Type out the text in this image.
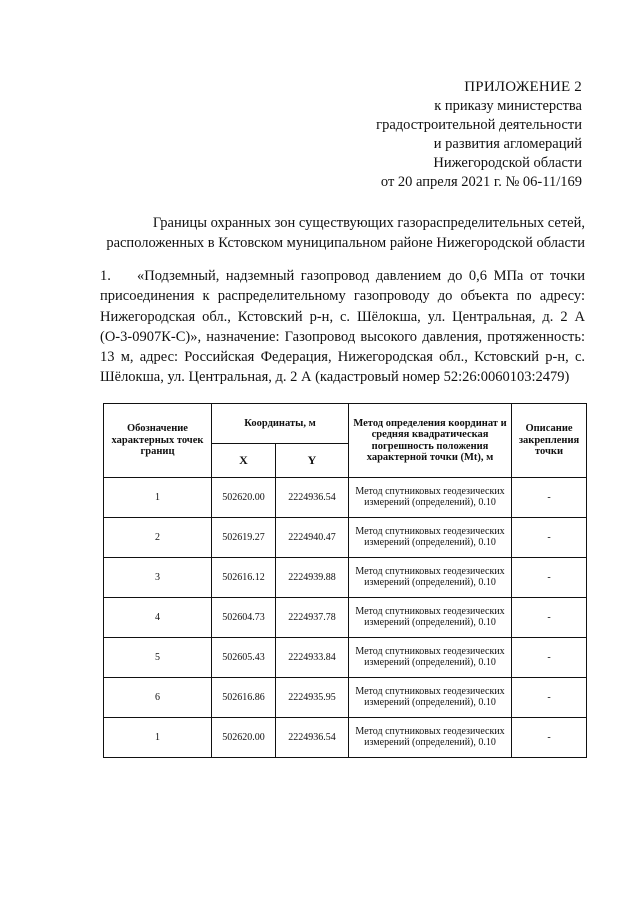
ПРИЛОЖЕНИЕ 2
к приказу министерства
градостроительной деятельности
и развития агломераций
Нижегородской области
от 20 апреля 2021 г. № 06-11/169
Границы охранных зон существующих газораспределительных сетей,
расположенных в Кстовском муниципальном районе Нижегородской области
1. «Подземный, надземный газопровод давлением до 0,6 МПа от точки присоединения к распределительному газопроводу до объекта по адресу: Нижегородская обл., Кстовский р-н, с. Шёлокша, ул. Центральная, д. 2 А (О-3-0907К-С)», назначение: Газопровод высокого давления, протяженность: 13 м, адрес: Российская Федерация, Нижегородская обл., Кстовский р-н, с. Шёлокша, ул. Центральная, д. 2 А (кадастровый номер 52:26:0060103:2479)
Обозначение характерных точек границ	Координаты, м		Метод определения координат и средняя квадратическая погрешность положения характерной точки (Mt), м	Описание закрепления точки
	X	Y		
1	502620.00	2224936.54	Метод спутниковых геодезических измерений (определений), 0.10	-
2	502619.27	2224940.47	Метод спутниковых геодезических измерений (определений), 0.10	-
3	502616.12	2224939.88	Метод спутниковых геодезических измерений (определений), 0.10	-
4	502604.73	2224937.78	Метод спутниковых геодезических измерений (определений), 0.10	-
5	502605.43	2224933.84	Метод спутниковых геодезических измерений (определений), 0.10	-
6	502616.86	2224935.95	Метод спутниковых геодезических измерений (определений), 0.10	-
1	502620.00	2224936.54	Метод спутниковых геодезических измерений (определений), 0.10	-
